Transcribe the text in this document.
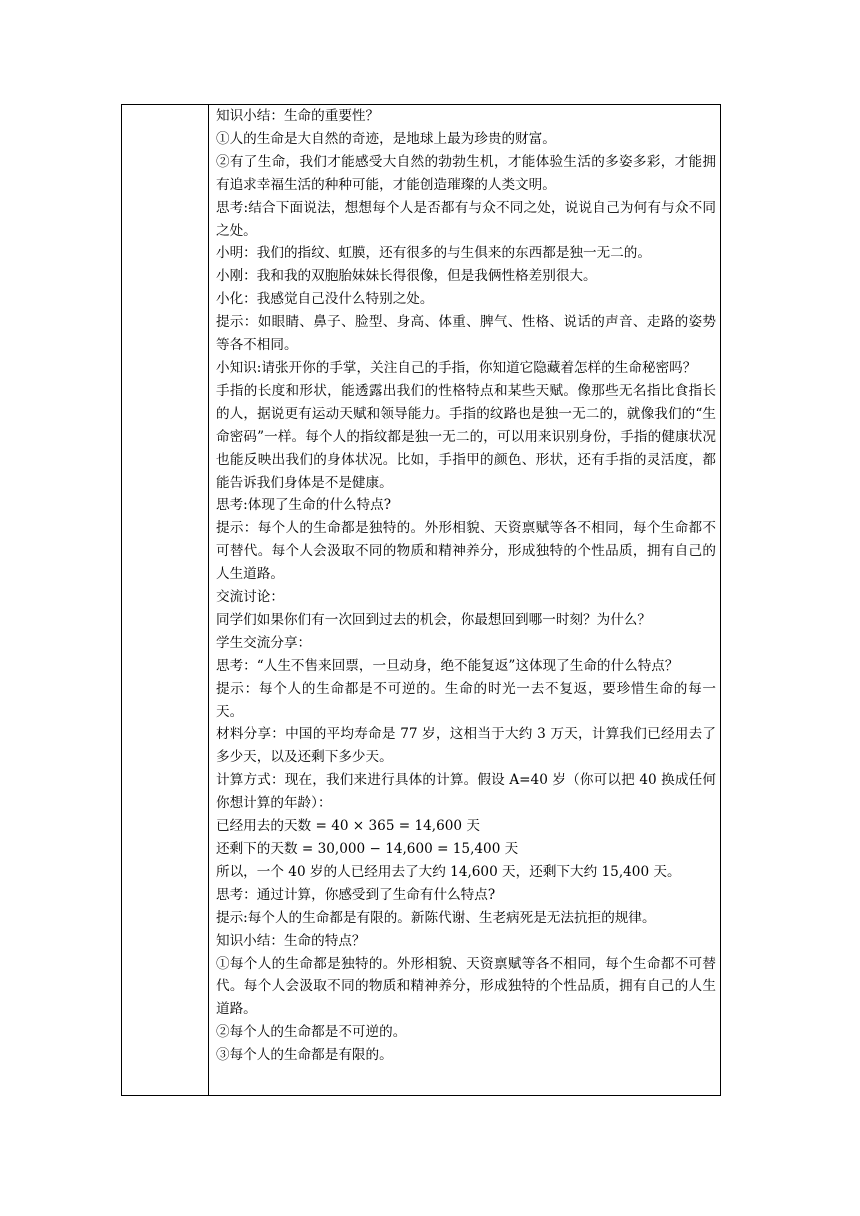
知识小结：生命的重要性？

①人的生命是大自然的奇迹，是地球上最为珍贵的财富。

②有了生命，我们才能感受大自然的勃勃生机，才能体验生活的多姿多彩，才能拥有追求幸福生活的种种可能，才能创造璀璨的人类文明。

思考:结合下面说法，想想每个人是否都有与众不同之处，说说自己为何有与众不同之处。

小明：我们的指纹、虹膜，还有很多的与生俱来的东西都是独一无二的。

小刚：我和我的双胞胎妹妹长得很像，但是我俩性格差别很大。

小化：我感觉自己没什么特别之处。

提示：如眼睛、鼻子、脸型、身高、体重、脾气、性格、说话的声音、走路的姿势等各不相同。

小知识:请张开你的手掌，关注自己的手指，你知道它隐藏着怎样的生命秘密吗？

手指的长度和形状，能透露出我们的性格特点和某些天赋。像那些无名指比食指长的人，据说更有运动天赋和领导能力。手指的纹路也是独一无二的，就像我们的“生命密码”一样。每个人的指纹都是独一无二的，可以用来识别身份，手指的健康状况也能反映出我们的身体状况。比如，手指甲的颜色、形状，还有手指的灵活度，都能告诉我们身体是不是健康。

思考:体现了生命的什么特点?

提示：每个人的生命都是独特的。外形相貌、天资禀赋等各不相同，每个生命都不可替代。每个人会汲取不同的物质和精神养分，形成独特的个性品质，拥有自己的人生道路。

交流讨论：

同学们如果你们有一次回到过去的机会，你最想回到哪一时刻？为什么？

学生交流分享：

思考：“人生不售来回票，一旦动身，绝不能复返”这体现了生命的什么特点？

提示：每个人的生命都是不可逆的。生命的时光一去不复返，要珍惜生命的每一天。

材料分享：中国的平均寿命是 77 岁，这相当于大约 3 万天，计算我们已经用去了多少天，以及还剩下多少天。

计算方式：现在，我们来进行具体的计算。假设 A=40 岁（你可以把 40 换成任何你想计算的年龄）：

已经用去的天数 = 40 × 365 = 14,600 天

还剩下的天数 = 30,000 − 14,600 = 15,400 天

所以，一个 40 岁的人已经用去了大约 14,600 天，还剩下大约 15,400 天。

思考：通过计算，你感受到了生命有什么特点?

提示:每个人的生命都是有限的。新陈代谢、生老病死是无法抗拒的规律。

知识小结：生命的特点？

①每个人的生命都是独特的。外形相貌、天资禀赋等各不相同，每个生命都不可替代。每个人会汲取不同的物质和精神养分，形成独特的个性品质，拥有自己的人生道路。

②每个人的生命都是不可逆的。

③每个人的生命都是有限的。
